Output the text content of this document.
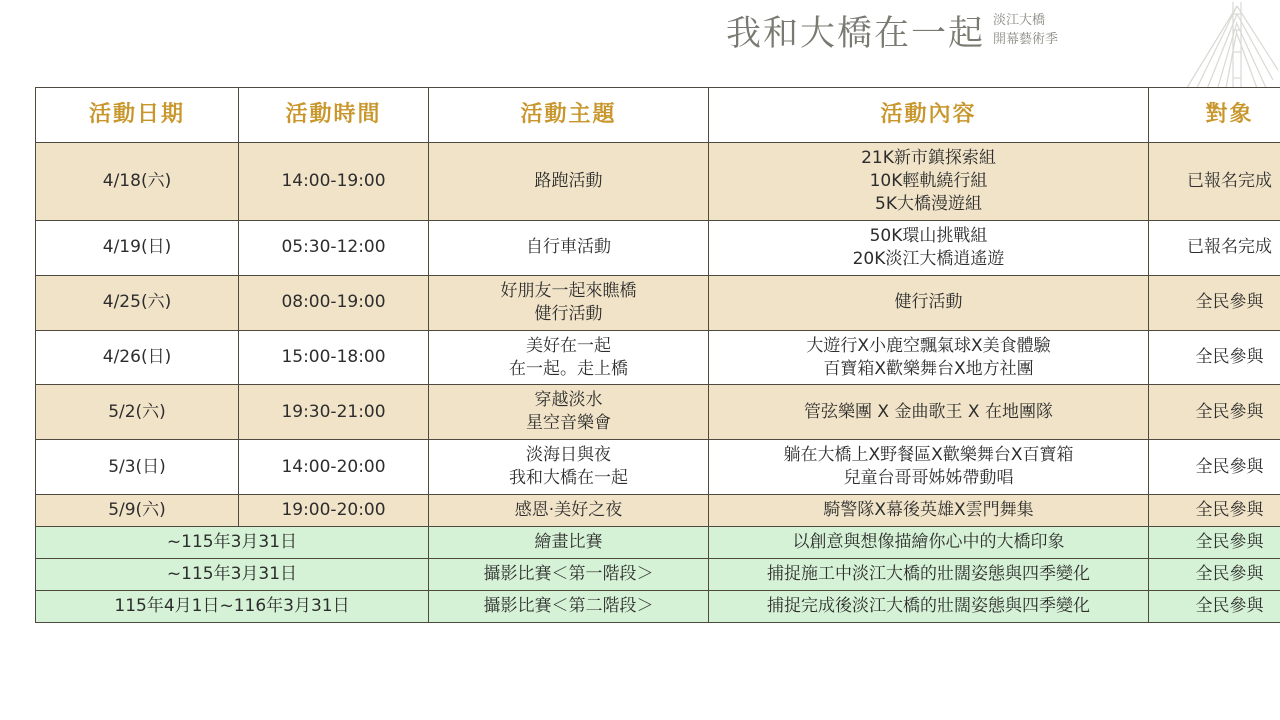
我和大橋在一起 淡江大橋
開幕藝術季
活動日期	活動時間	活動主題	活動內容	對象

4/18(六)	14:00-19:00	路跑活動	21K新市鎮探索組
10K輕軌繞行組
5K大橋漫遊組	已報名完成

4/19(日)	05:30-12:00	自行車活動	50K環山挑戰組
20K淡江大橋逍遙遊	已報名完成

4/25(六)	08:00-19:00	好朋友一起來瞧橋
健行活動	健行活動	全民參與

4/26(日)	15:00-18:00	美好在一起
在一起。走上橋	大遊行X小鹿空飄氣球X美食體驗
百寶箱X歡樂舞台X地方社團	全民參與

5/2(六)	19:30-21:00	穿越淡水
星空音樂會	管弦樂團 X 金曲歌王 X 在地團隊	全民參與

5/3(日)	14:00-20:00	淡海日與夜
我和大橋在一起	躺在大橋上X野餐區X歡樂舞台X百寶箱
兒童台哥哥姊姊帶動唱	全民參與

5/9(六)	19:00-20:00	感恩‧美好之夜	騎警隊X幕後英雄X雲門舞集	全民參與

~115年3月31日		繪畫比賽	以創意與想像描繪你心中的大橋印象	全民參與

~115年3月31日		攝影比賽＜第一階段＞	捕捉施工中淡江大橋的壯闊姿態與四季變化	全民參與

115年4月1日~116年3月31日		攝影比賽＜第二階段＞	捕捉完成後淡江大橋的壯闊姿態與四季變化	全民參與
